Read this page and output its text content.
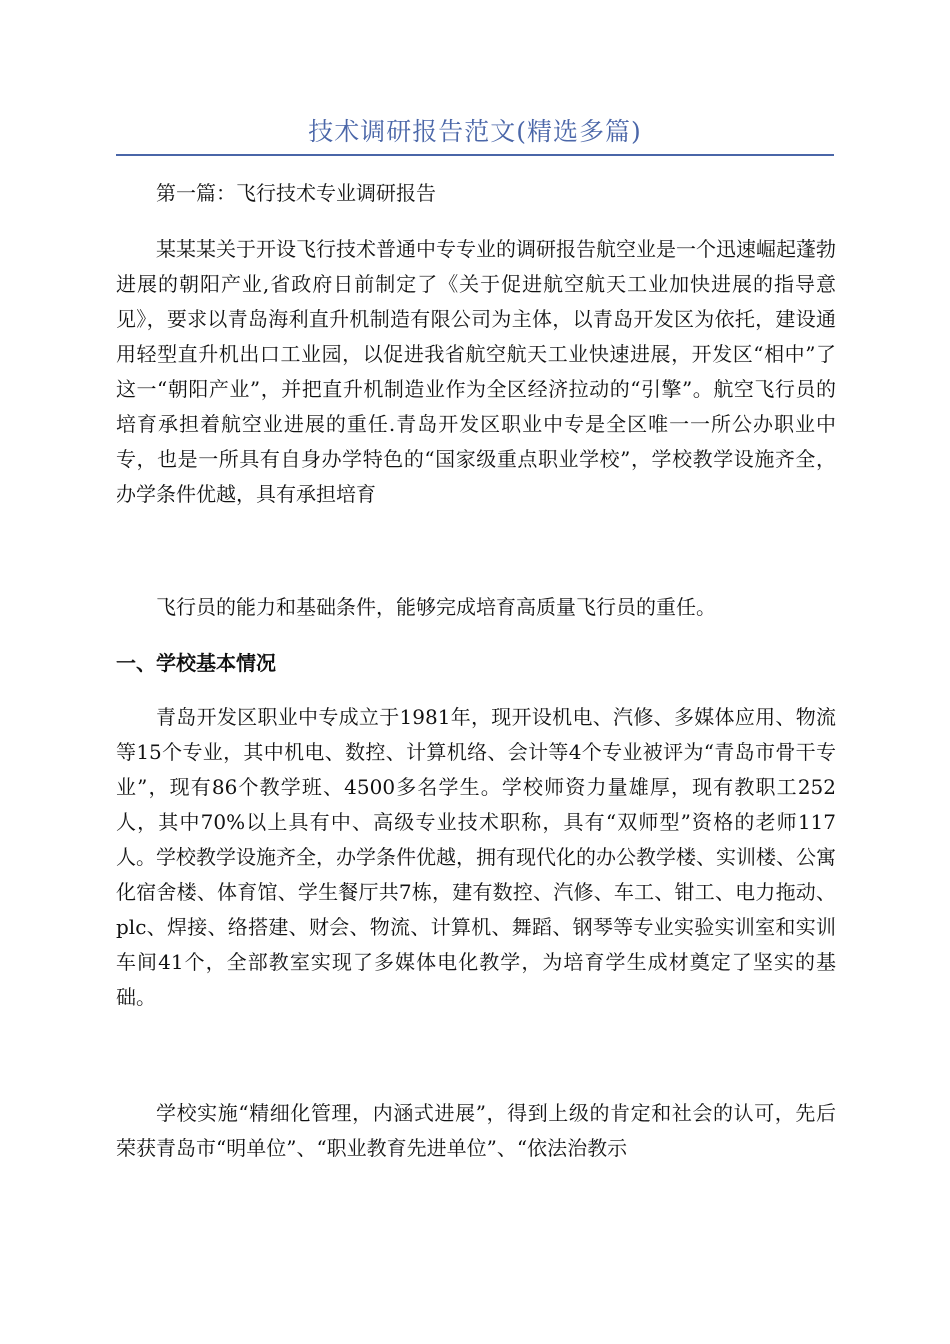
技术调研报告范文(精选多篇)

第一篇：飞行技术专业调研报告

某某某关于开设飞行技术普通中专专业的调研报告航空业是一个迅速崛起蓬勃进展的朝阳产业,省政府日前制定了《关于促进航空航天工业加快进展的指导意见》，要求以青岛海利直升机制造有限公司为主体，以青岛开发区为依托，建设通用轻型直升机出口工业园，以促进我省航空航天工业快速进展，开发区“相中”了这一“朝阳产业”，并把直升机制造业作为全区经济拉动的“引擎”。航空飞行员的培育承担着航空业进展的重任.青岛开发区职业中专是全区唯一一所公办职业中专，也是一所具有自身办学特色的“国家级重点职业学校”，学校教学设施齐全，办学条件优越，具有承担培育

飞行员的能力和基础条件，能够完成培育高质量飞行员的重任。

一、学校基本情况

青岛开发区职业中专成立于1981年，现开设机电、汽修、多媒体应用、物流等15个专业，其中机电、数控、计算机络、会计等4个专业被评为“青岛市骨干专业”，现有86个教学班、4500多名学生。学校师资力量雄厚，现有教职工252人，其中70%以上具有中、高级专业技术职称，具有“双师型”资格的老师117人。学校教学设施齐全，办学条件优越，拥有现代化的办公教学楼、实训楼、公寓化宿舍楼、体育馆、学生餐厅共7栋，建有数控、汽修、车工、钳工、电力拖动、plc、焊接、络搭建、财会、物流、计算机、舞蹈、钢琴等专业实验实训室和实训车间41个，全部教室实现了多媒体电化教学，为培育学生成材奠定了坚实的基础。

学校实施“精细化管理，内涵式进展”，得到上级的肯定和社会的认可，先后荣获青岛市“明单位”、“职业教育先进单位”、“依法治教示
